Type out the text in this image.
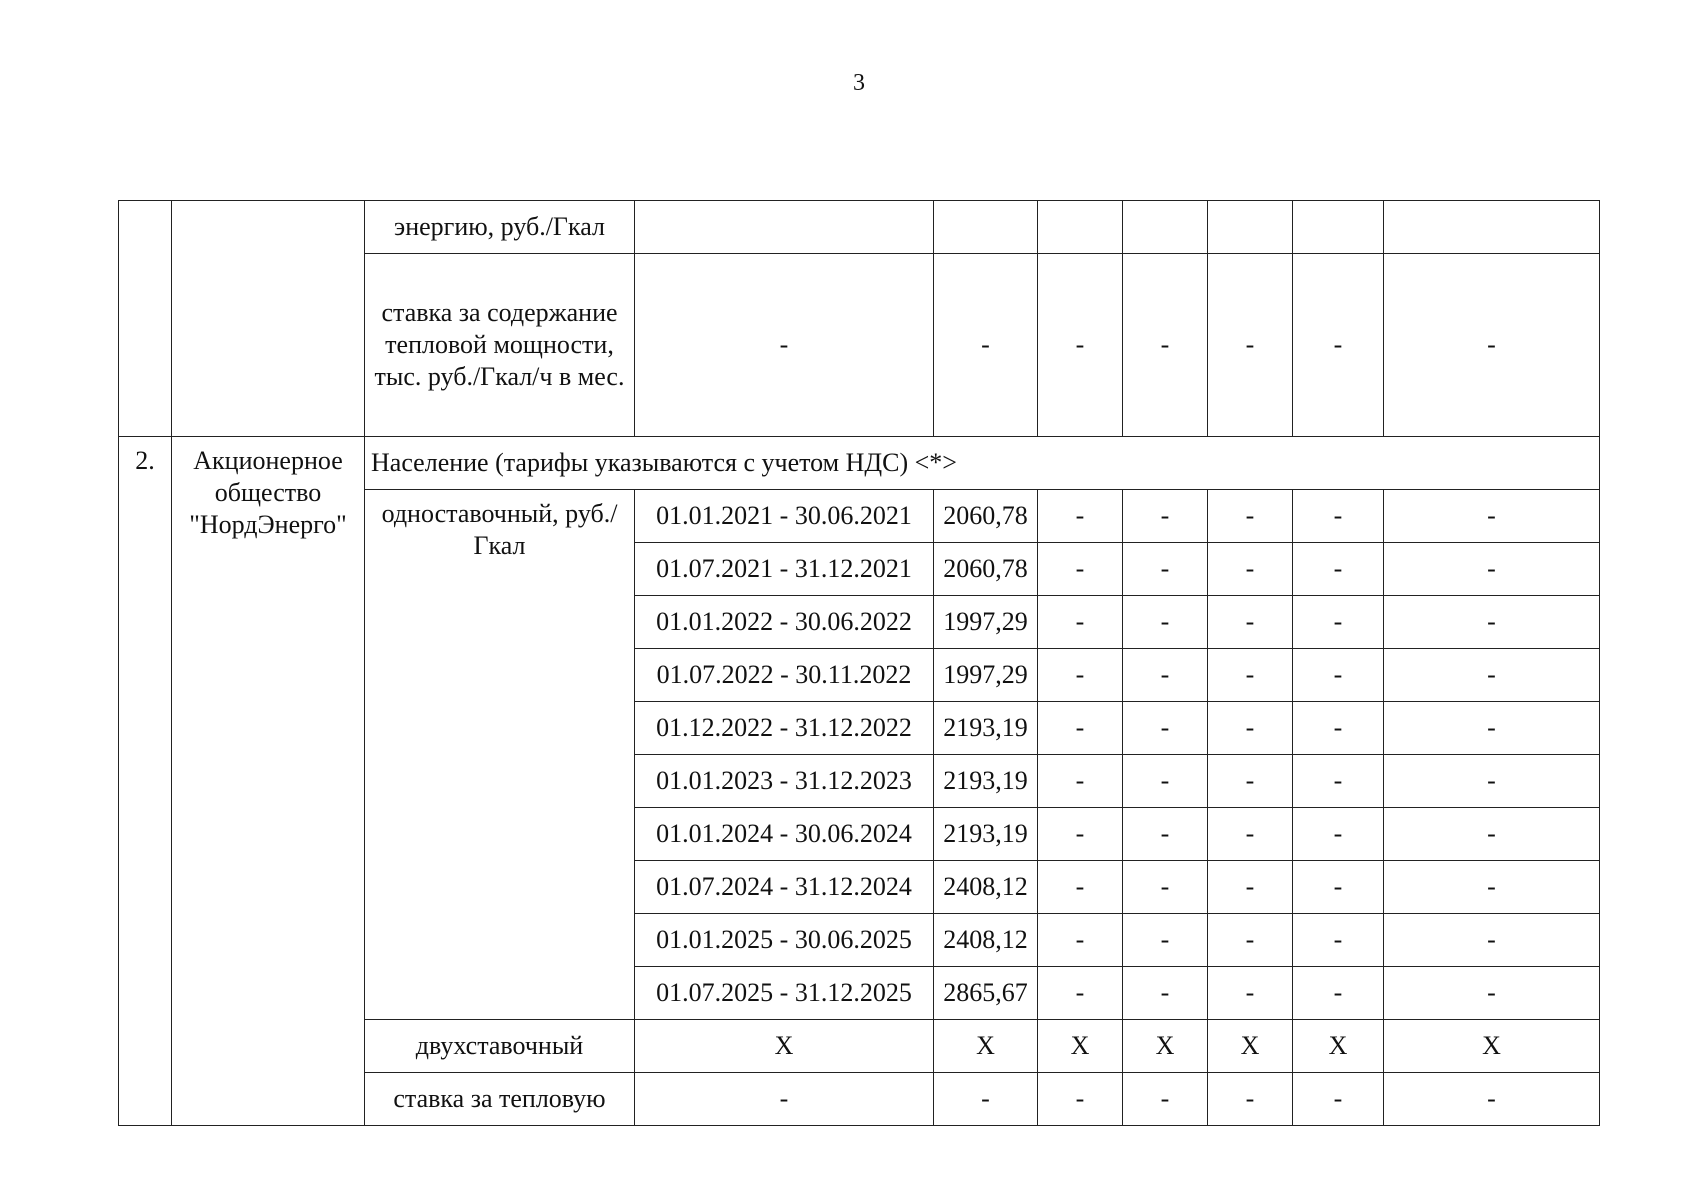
3
		энергию, руб./Гкал							
		ставка за содержание тепловой мощности, тыс. руб./Гкал/ч в мес.	-	-	-	-	-	-	-
2.	Акционерное общество "НордЭнерго"	Население (тарифы указываются с учетом НДС) <*>							
		одноставочный, руб./Гкал	01.01.2021 - 30.06.2021	2060,78	-	-	-	-	-
			01.07.2021 - 31.12.2021	2060,78	-	-	-	-	-
			01.01.2022 - 30.06.2022	1997,29	-	-	-	-	-
			01.07.2022 - 30.11.2022	1997,29	-	-	-	-	-
			01.12.2022 - 31.12.2022	2193,19	-	-	-	-	-
			01.01.2023 - 31.12.2023	2193,19	-	-	-	-	-
			01.01.2024 - 30.06.2024	2193,19	-	-	-	-	-
			01.07.2024 - 31.12.2024	2408,12	-	-	-	-	-
			01.01.2025 - 30.06.2025	2408,12	-	-	-	-	-
			01.07.2025 - 31.12.2025	2865,67	-	-	-	-	-
		двухставочный	X	X	X	X	X	X	X
		ставка за тепловую	-	-	-	-	-	-	-
